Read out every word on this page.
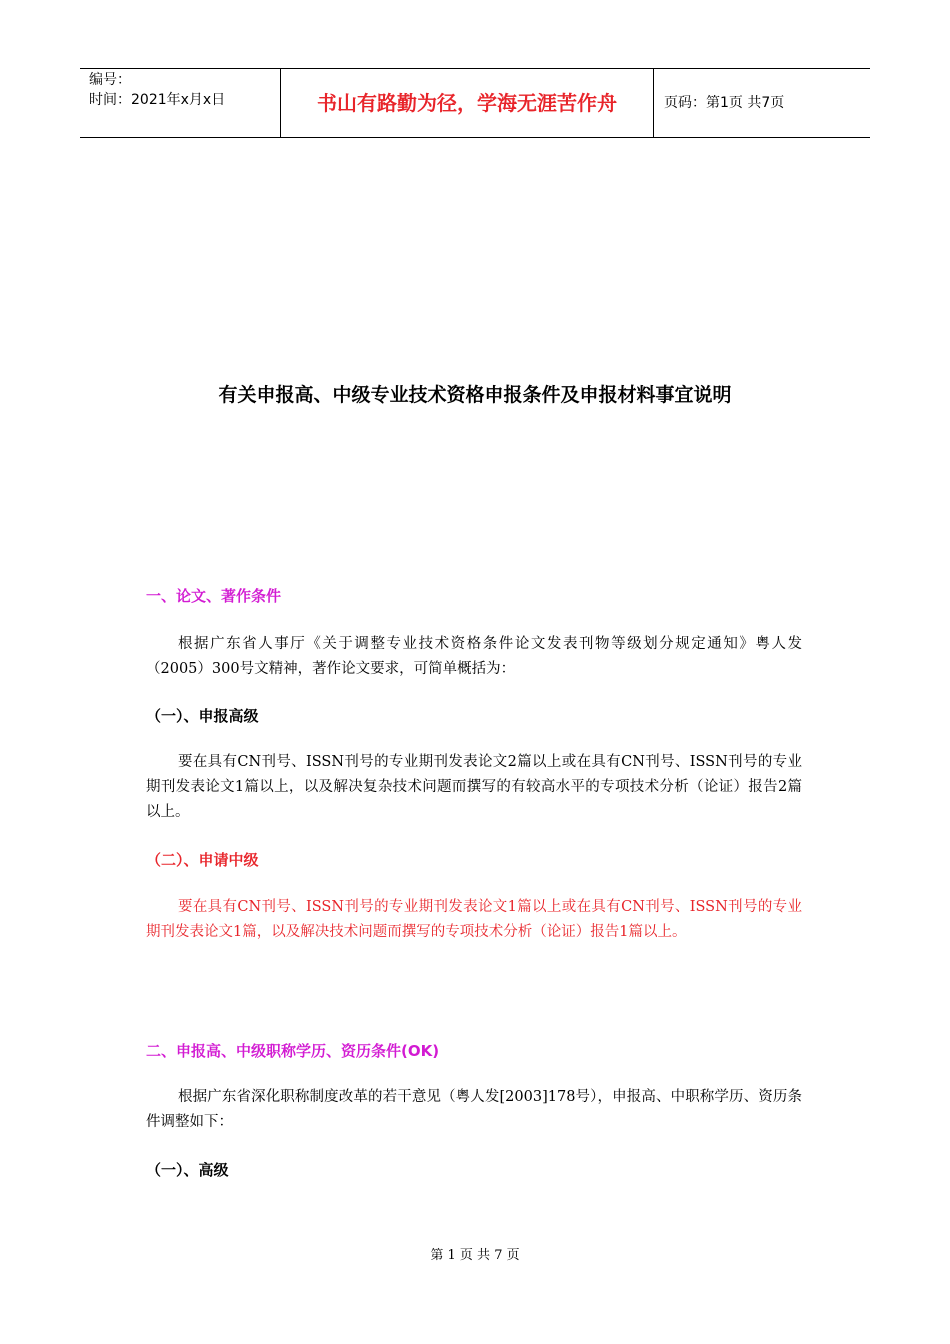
编号：
时间：2021年x月x日	书山有路勤为径，学海无涯苦作舟	页码：第1页 共7页
有关申报高、中级专业技术资格申报条件及申报材料事宜说明
一、论文、著作条件
根据广东省人事厅《关于调整专业技术资格条件论文发表刊物等级划分规定通知》粤人发（2005）300号文精神，著作论文要求，可简单概括为：
（一）、申报高级
要在具有CN刊号、ISSN刊号的专业期刊发表论文2篇以上或在具有CN刊号、ISSN刊号的专业期刊发表论文1篇以上，以及解决复杂技术问题而撰写的有较高水平的专项技术分析（论证）报告2篇以上。
（二）、申请中级
要在具有CN刊号、ISSN刊号的专业期刊发表论文1篇以上或在具有CN刊号、ISSN刊号的专业期刊发表论文1篇，以及解决技术问题而撰写的专项技术分析（论证）报告1篇以上。
二、申报高、中级职称学历、资历条件(OK)
根据广东省深化职称制度改革的若干意见（粤人发[2003]178号），申报高、中职称学历、资历条件调整如下：
（一）、高级
第 1 页 共 7 页
